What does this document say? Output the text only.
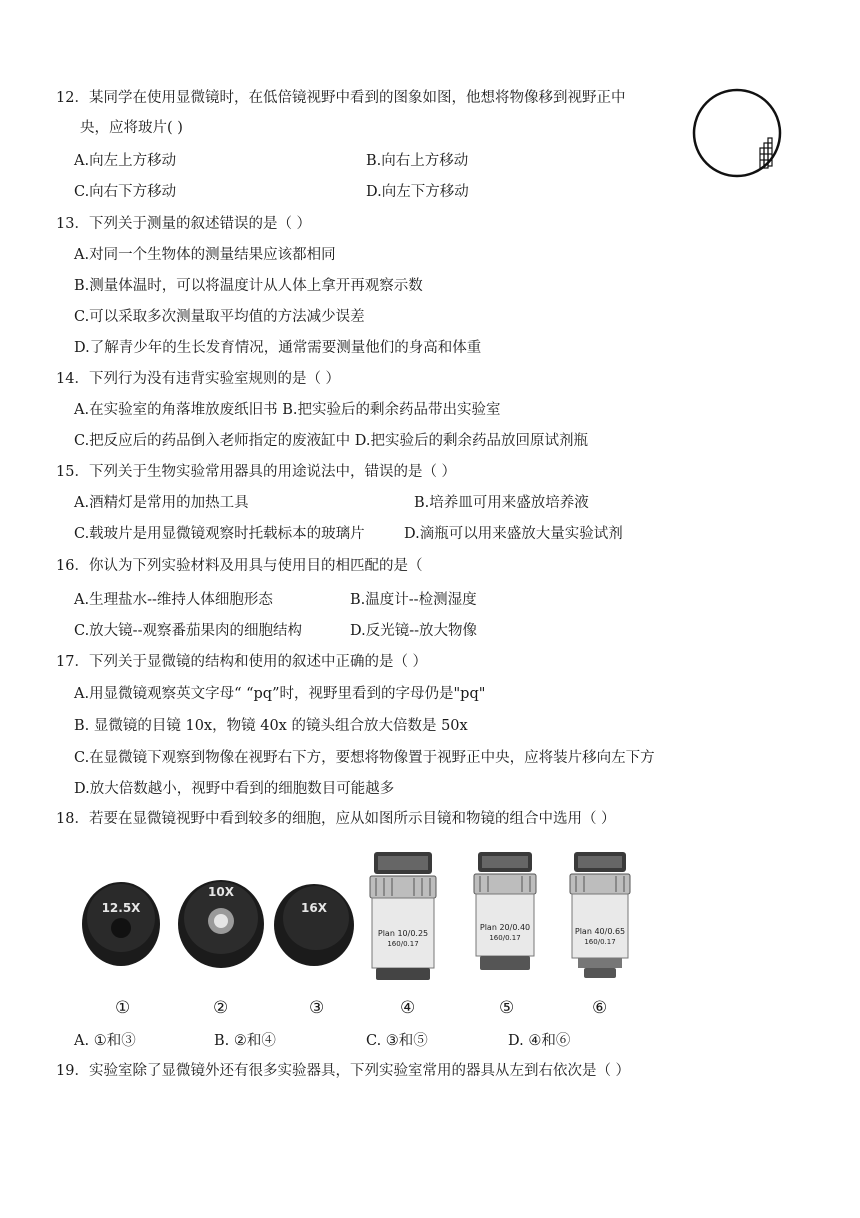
12．某同学在使用显微镜时，在低倍镜视野中看到的图象如图，他想将物像移到视野正中
央，应将玻片( )
A.向左上方移动	B.向右上方移动
C.向右下方移动	D.向左下方移动
13．下列关于测量的叙述错误的是（ ）
A.对同一个生物体的测量结果应该都相同
B.测量体温时，可以将温度计从人体上拿开再观察示数
C.可以采取多次测量取平均值的方法减少误差
D.了解青少年的生长发育情况，通常需要测量他们的身高和体重
14．下列行为没有违背实验室规则的是（ ）
A.在实验室的角落堆放废纸旧书 B.把实验后的剩余药品带出实验室
C.把反应后的药品倒入老师指定的废液缸中 D.把实验后的剩余药品放回原试剂瓶
15．下列关于生物实验常用器具的用途说法中，错误的是（ ）
A.酒精灯是常用的加热工具	B.培养皿可用来盛放培养液
C.载玻片是用显微镜观察时托载标本的玻璃片	D.滴瓶可以用来盛放大量实验试剂
16．你认为下列实验材料及用具与使用目的相匹配的是（
A.生理盐水--维持人体细胞形态	B.温度计--检测湿度
C.放大镜--观察番茄果肉的细胞结构	D.反光镜--放大物像
17．下列关于显微镜的结构和使用的叙述中正确的是（ ）
A.用显微镜观察英文字母“ “pq”时，视野里看到的字母仍是"pq"
B. 显微镜的目镜 10x，物镜 40x 的镜头组合放大倍数是 50x
C.在显微镜下观察到物像在视野右下方，要想将物像置于视野正中央，应将装片移向左下方
D.放大倍数越小，视野中看到的细胞数目可能越多
18．若要在显微镜视野中看到较多的细胞，应从如图所示目镜和物镜的组合中选用（ ）
12.5X
10X
16X
Plan 10/0.25
160/0.17
Plan 20/0.40
160/0.17
Plan 40/0.65
160/0.17
①	②	③	④	⑤	⑥
A. ①和③	B. ②和④	C. ③和⑤	D. ④和⑥
19．实验室除了显微镜外还有很多实验器具，下列实验室常用的器具从左到右依次是（ ）
